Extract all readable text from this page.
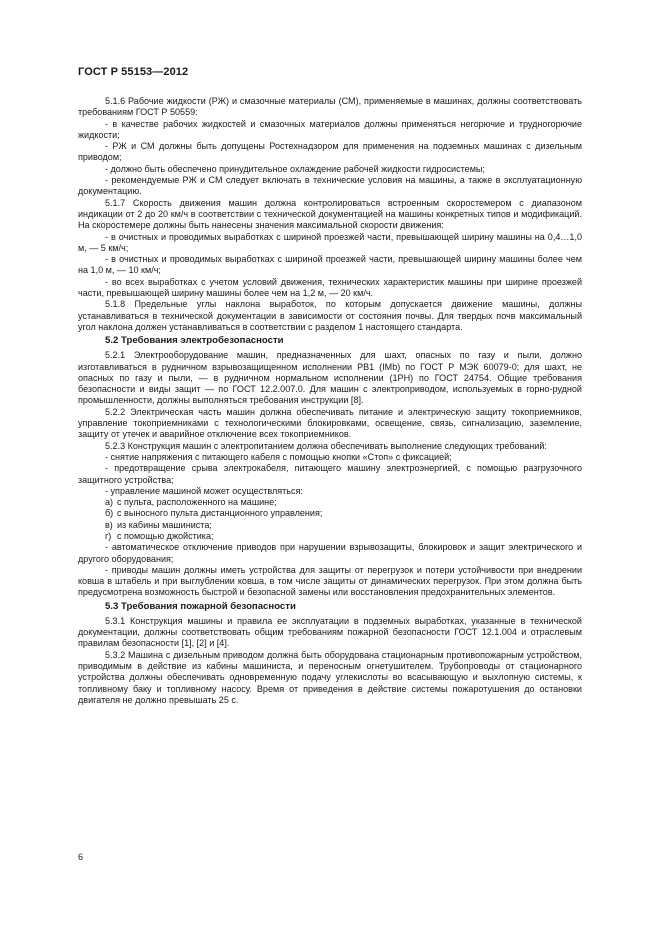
ГОСТ Р 55153—2012
5.1.6 Рабочие жидкости (РЖ) и смазочные материалы (СМ), применяемые в машинах, должны соответствовать требованиям ГОСТ Р 50559:
- в качестве рабочих жидкостей и смазочных материалов должны применяться негорючие и трудногорючие жидкости;
- РЖ и СМ должны быть допущены Ростехнадзором для применения на подземных машинах с дизельным приводом;
- должно быть обеспечено принудительное охлаждение рабочей жидкости гидросистемы;
- рекомендуемые РЖ и СМ следует включать в технические условия на машины, а также в эксплуатационную документацию.
5.1.7 Скорость движения машин должна контролироваться встроенным скоростемером с диапазоном индикации от 2 до 20 км/ч в соответствии с технической документацией на машины конкретных типов и модификаций. На скоростемере должны быть нанесены значения максимальной скорости движения:
- в очистных и проводимых выработках с шириной проезжей части, превышающей ширину машины на 0,4…1,0 м, — 5 км/ч;
- в очистных и проводимых выработках с шириной проезжей части, превышающей ширину машины более чем на 1,0 м, — 10 км/ч;
- во всех выработках с учетом условий движения, технических характеристик машины при ширине проезжей части, превышающей ширину машины более чем на 1,2 м, — 20 км/ч.
5.1.8 Предельные углы наклона выработок, по которым допускается движение машины, должны устанавливаться в технической документации в зависимости от состояния почвы. Для твердых почв максимальный угол наклона должен устанавливаться в соответствии с разделом 1 настоящего стандарта.
5.2 Требования электробезопасности
5.2.1 Электрооборудование машин, предназначенных для шахт, опасных по газу и пыли, должно изготавливаться в рудничном взрывозащищенном исполнении РВ1 (IMb) по ГОСТ Р МЭК 60079-0; для шахт, не опасных по газу и пыли, — в рудничном нормальном исполнении (1РН) по ГОСТ 24754. Общие требования безопасности и виды защит — по ГОСТ 12.2.007.0. Для машин с электроприводом, используемых в горно-рудной промышленности, должны выполняться требования инструкции [8].
5.2.2 Электрическая часть машин должна обеспечивать питание и электрическую защиту токоприемников, управление токоприемниками с технологическими блокировками, освещение, связь, сигнализацию, заземление, защиту от утечек и аварийное отключение всех токоприемников.
5.2.3 Конструкция машин с электропитанием должна обеспечивать выполнение следующих требований:
- снятие напряжения с питающего кабеля с помощью кнопки «Стоп» с фиксацией;
- предотвращение срыва электрокабеля, питающего машину электроэнергией, с помощью разгрузочного защитного устройства;
- управление машиной может осуществляться:
а) с пульта, расположенного на машине;
б) с выносного пульта дистанционного управления;
в) из кабины машиниста;
г) с помощью джойстика;
- автоматическое отключение приводов при нарушении взрывозащиты, блокировок и защит электрического и другого оборудования;
- приводы машин должны иметь устройства для защиты от перегрузок и потери устойчивости при внедрении ковша в штабель и при выглублении ковша, в том числе защиты от динамических перегрузок. При этом должна быть предусмотрена возможность быстрой и безопасной замены или восстановления предохранительных элементов.
5.3 Требования пожарной безопасности
5.3.1 Конструкция машины и правила ее эксплуатации в подземных выработках, указанные в технической документации, должны соответствовать общим требованиям пожарной безопасности ГОСТ 12.1.004 и отраслевым правилам безопасности [1], [2] и [4].
5.3.2 Машина с дизельным приводом должна быть оборудована стационарным противопожарным устройством, приводимым в действие из кабины машиниста, и переносным огнетушителем. Трубопроводы от стационарного устройства должны обеспечивать одновременную подачу углекислоты во всасывающую и выхлопную системы, к топливному баку и топливному насосу. Время от приведения в действие системы пожаротушения до остановки двигателя не должно превышать 25 с.
6
